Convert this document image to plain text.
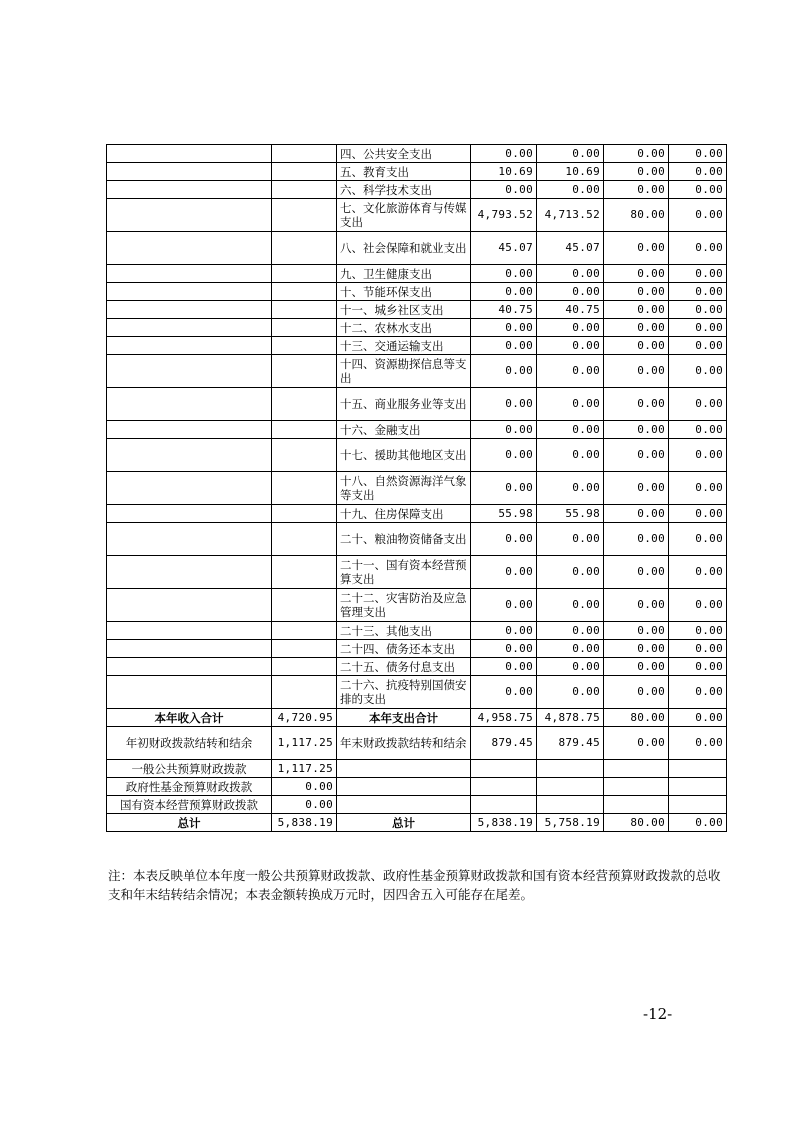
		四、公共安全支出	0.00	0.00	0.00	0.00
		五、教育支出	10.69	10.69	0.00	0.00
		六、科学技术支出	0.00	0.00	0.00	0.00
		七、文化旅游体育与传媒支出	4,793.52	4,713.52	80.00	0.00
		八、社会保障和就业支出	45.07	45.07	0.00	0.00
		九、卫生健康支出	0.00	0.00	0.00	0.00
		十、节能环保支出	0.00	0.00	0.00	0.00
		十一、城乡社区支出	40.75	40.75	0.00	0.00
		十二、农林水支出	0.00	0.00	0.00	0.00
		十三、交通运输支出	0.00	0.00	0.00	0.00
		十四、资源勘探信息等支出	0.00	0.00	0.00	0.00
		十五、商业服务业等支出	0.00	0.00	0.00	0.00
		十六、金融支出	0.00	0.00	0.00	0.00
		十七、援助其他地区支出	0.00	0.00	0.00	0.00
		十八、自然资源海洋气象等支出	0.00	0.00	0.00	0.00
		十九、住房保障支出	55.98	55.98	0.00	0.00
		二十、粮油物资储备支出	0.00	0.00	0.00	0.00
		二十一、国有资本经营预算支出	0.00	0.00	0.00	0.00
		二十二、灾害防治及应急管理支出	0.00	0.00	0.00	0.00
		二十三、其他支出	0.00	0.00	0.00	0.00
		二十四、债务还本支出	0.00	0.00	0.00	0.00
		二十五、债务付息支出	0.00	0.00	0.00	0.00
		二十六、抗疫特别国债安排的支出	0.00	0.00	0.00	0.00
本年收入合计	4,720.95	本年支出合计	4,958.75	4,878.75	80.00	0.00
年初财政拨款结转和结余	1,117.25	年末财政拨款结转和结余	879.45	879.45	0.00	0.00
一般公共预算财政拨款	1,117.25					
政府性基金预算财政拨款	0.00					
国有资本经营预算财政拨款	0.00					
总计	5,838.19	总计	5,838.19	5,758.19	80.00	0.00
注：本表反映单位本年度一般公共预算财政拨款、政府性基金预算财政拨款和国有资本经营预算财政拨款的总收支和年末结转结余情况；本表金额转换成万元时，因四舍五入可能存在尾差。
-12-
